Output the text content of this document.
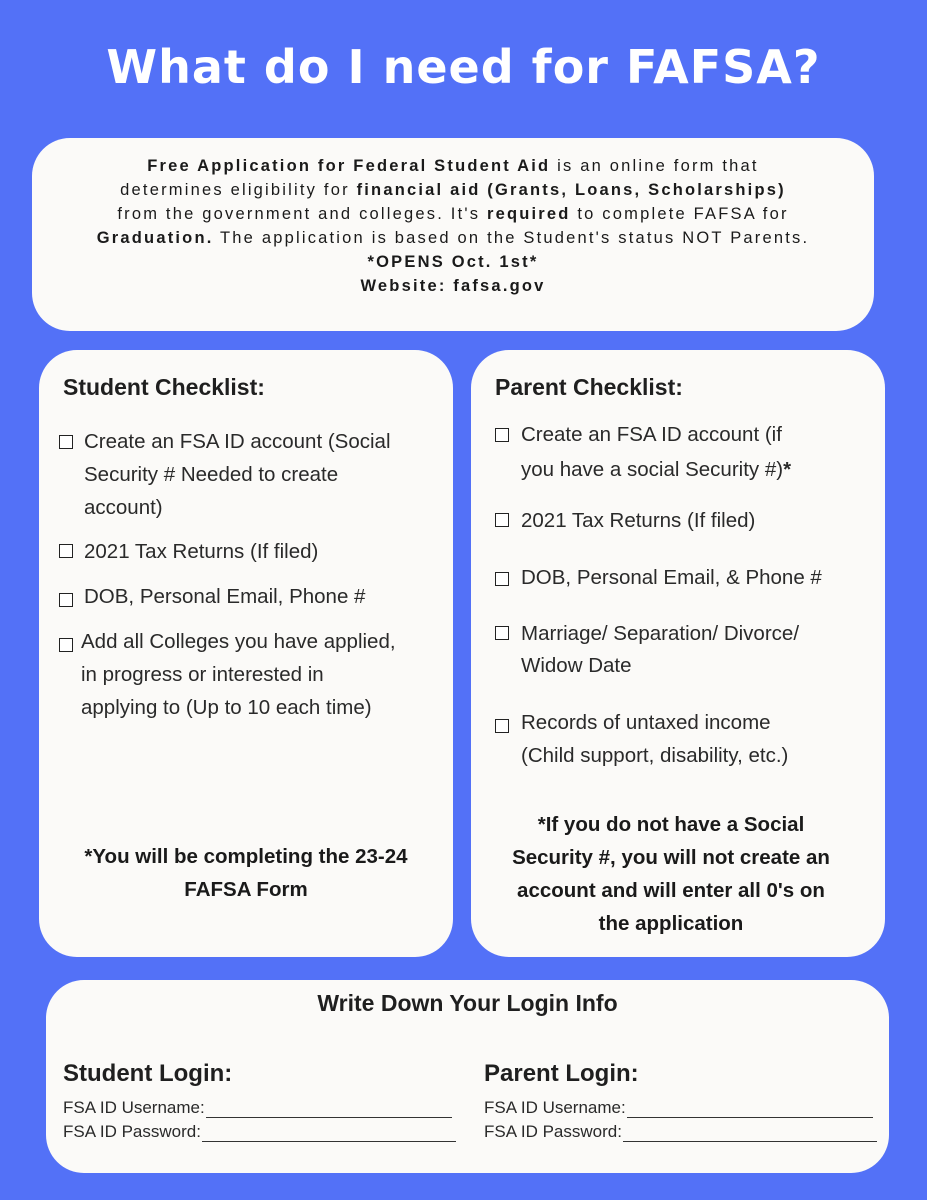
What do I need for FAFSA?
Free Application for Federal Student Aid is an online form that
determines eligibility for financial aid (Grants, Loans, Scholarships)
from the government and colleges. It's required to complete FAFSA for
Graduation. The application is based on the Student's status NOT Parents.
*OPENS Oct. 1st*
Website: fafsa.gov
Student Checklist:
Create an FSA ID account (Social
Security # Needed to create
account)
2021 Tax Returns (If filed)
DOB, Personal Email, Phone #
Add all Colleges you have applied,
in progress or interested in
applying to (Up to 10 each time)
*You will be completing the 23-24
FAFSA Form
Parent Checklist:
Create an FSA ID account (if
you have a social Security #)*
2021 Tax Returns (If filed)
DOB, Personal Email, & Phone #
Marriage/ Separation/ Divorce/
Widow Date
Records of untaxed income
(Child support, disability, etc.)
*If you do not have a Social
Security #, you will not create an
account and will enter all 0's on
the application
Write Down Your Login Info
Student Login:
FSA ID Username:
FSA ID Password:
Parent Login:
FSA ID Username:
FSA ID Password:
